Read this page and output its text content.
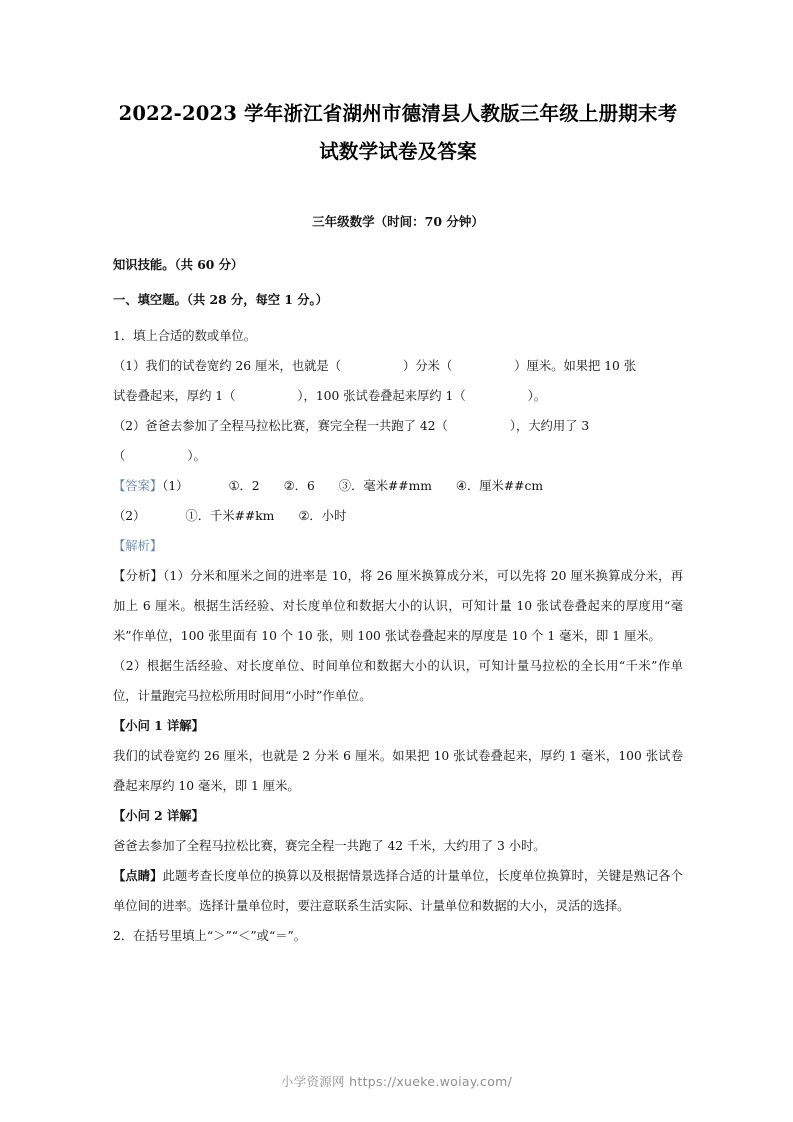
2022-2023 学年浙江省湖州市德清县人教版三年级上册期末考试数学试卷及答案
三年级数学（时间：70 分钟）
知识技能。（共 60 分）
一、填空题。（共 28 分，每空 1 分。）
1．填上合适的数或单位。
（1）我们的试卷宽约 26 厘米，也就是（	）分米（	）厘米。如果把 10 张
试卷叠起来，厚约 1（	），100 张试卷叠起来厚约 1（	）。
（2）爸爸去参加了全程马拉松比赛，赛完全程一共跑了 42（	），大约用了 3
（	）。
【答案】（1）	①．2 ②．6 ③．毫米##mm ④．厘米##cm
（2）	①．千米##km ②．小时
【解析】
【分析】（1）分米和厘米之间的进率是 10，将 26 厘米换算成分米，可以先将 20 厘米换算成分米，再加上 6 厘米。根据生活经验、对长度单位和数据大小的认识，可知计量 10 张试卷叠起来的厚度用“毫米”作单位，100 张里面有 10 个 10 张，则 100 张试卷叠起来的厚度是 10 个 1 毫米，即 1 厘米。
（2）根据生活经验、对长度单位、时间单位和数据大小的认识，可知计量马拉松的全长用“千米”作单位，计量跑完马拉松所用时间用“小时”作单位。
【小问 1 详解】
我们的试卷宽约 26 厘米，也就是 2 分米 6 厘米。如果把 10 张试卷叠起来，厚约 1 毫米，100 张试卷叠起来厚约 10 毫米，即 1 厘米。
【小问 2 详解】
爸爸去参加了全程马拉松比赛，赛完全程一共跑了 42 千米，大约用了 3 小时。
【点睛】此题考查长度单位的换算以及根据情景选择合适的计量单位，长度单位换算时，关键是熟记各个单位间的进率。选择计量单位时，要注意联系生活实际、计量单位和数据的大小，灵活的选择。
2．在括号里填上“＞”“＜”或“＝”。
小学资源网 https://xueke.woiay.com/
